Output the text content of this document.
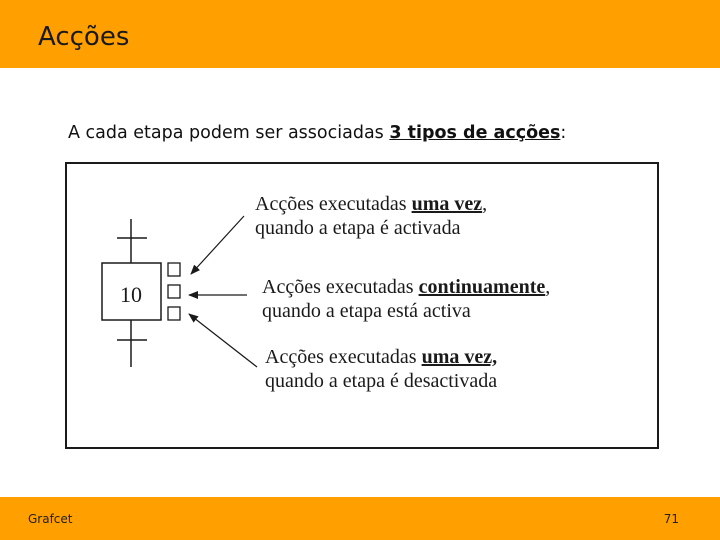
Acções
A cada etapa podem ser associadas 3 tipos de acções:
10
Acções executadas uma vez,
quando a etapa é activada
Acções executadas continuamente,
quando a etapa está activa
Acções executadas uma vez,
quando a etapa é desactivada
Grafcet	71
